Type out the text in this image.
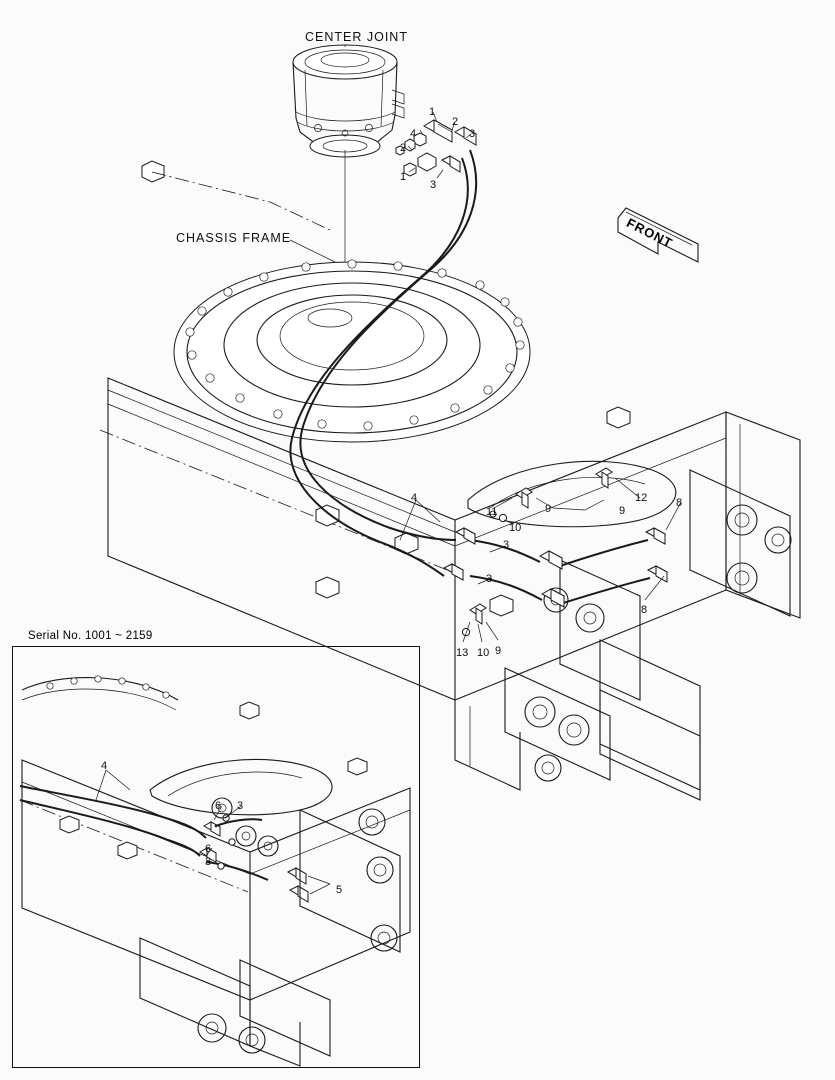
CENTER JOINT
CHASSIS FRAME	FRONT
Serial No. 1001 ~ 2159
1
2
4	3
2
1
3
4
11	9
12	8
10
9
3
3
8
13 10 9
4
6 3
6
3
5
